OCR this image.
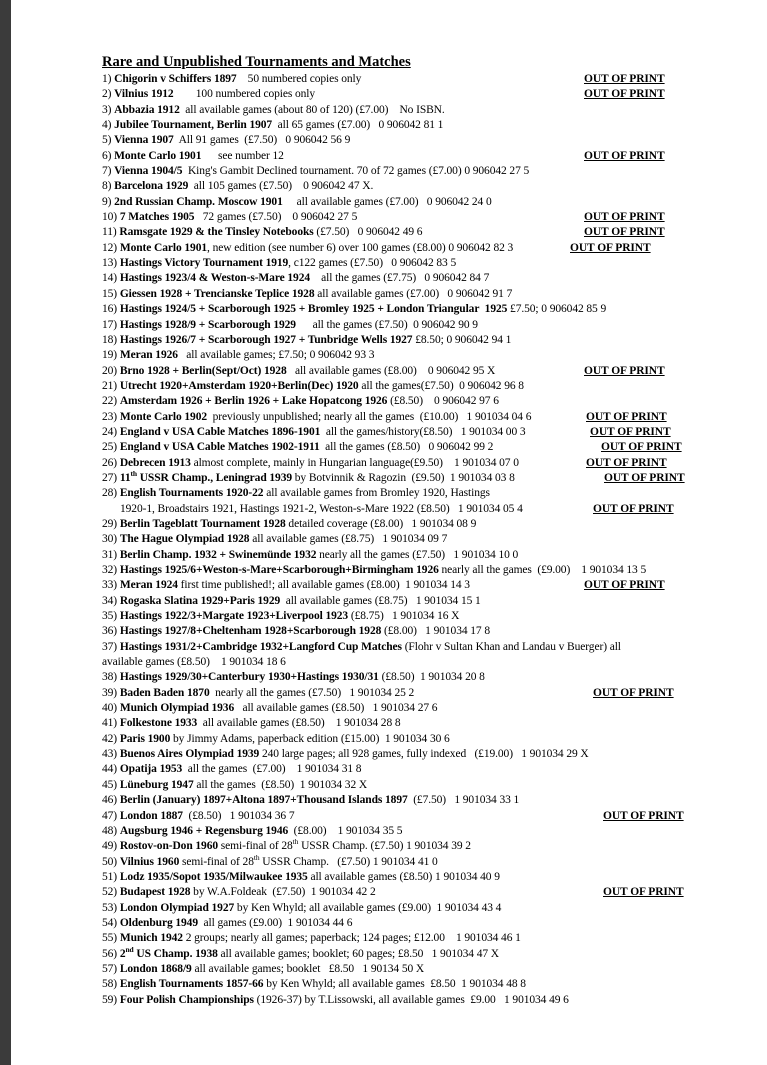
Rare and Unpublished Tournaments and Matches
1) Chigorin v Schiffers 1897    50 numbered copies only	OUT OF PRINT
2) Vilnius 1912        100 numbered copies only	OUT OF PRINT
3) Abbazia 1912  all available games (about 80 of 120) (£7.00)    No ISBN.
4) Jubilee Tournament, Berlin 1907  all 65 games (£7.00)   0 906042 81 1
5) Vienna 1907  All 91 games  (£7.50)   0 906042 56 9
6) Monte Carlo 1901      see number 12	OUT OF PRINT
7) Vienna 1904/5  King's Gambit Declined tournament. 70 of 72 games (£7.00) 0 906042 27 5
8) Barcelona 1929  all 105 games (£7.50)    0 906042 47 X.
9) 2nd Russian Champ. Moscow 1901     all available games (£7.00)   0 906042 24 0
10) 7 Matches 1905   72 games (£7.50)    0 906042 27 5	OUT OF PRINT
11) Ramsgate 1929 & the Tinsley Notebooks (£7.50)   0 906042 49 6	OUT OF PRINT
12) Monte Carlo 1901, new edition (see number 6) over 100 games (£8.00) 0 906042 82 3	OUT OF PRINT
13) Hastings Victory Tournament 1919, c122 games (£7.50)   0 906042 83 5
14) Hastings 1923/4 & Weston-s-Mare 1924    all the games (£7.75)   0 906042 84 7
15) Giessen 1928 + Trencianske Teplice 1928 all available games (£7.00)   0 906042 91 7
16) Hastings 1924/5 + Scarborough 1925 + Bromley 1925 + London Triangular  1925 £7.50; 0 906042 85 9
17) Hastings 1928/9 + Scarborough 1929      all the games (£7.50)  0 906042 90 9
18) Hastings 1926/7 + Scarborough 1927 + Tunbridge Wells 1927 £8.50; 0 906042 94 1
19) Meran 1926   all available games; £7.50; 0 906042 93 3
20) Brno 1928 + Berlin(Sept/Oct) 1928   all available games (£8.00)    0 906042 95 X	OUT OF PRINT
21) Utrecht 1920+Amsterdam 1920+Berlin(Dec) 1920 all the games(£7.50)  0 906042 96 8
22) Amsterdam 1926 + Berlin 1926 + Lake Hopatcong 1926 (£8.50)    0 906042 97 6
23) Monte Carlo 1902  previously unpublished; nearly all the games  (£10.00)   1 901034 04 6	OUT OF PRINT
24) England v USA Cable Matches 1896-1901  all the games/history(£8.50)   1 901034 00 3	OUT OF PRINT
25) England v USA Cable Matches 1902-1911  all the games (£8.50)   0 906042 99 2	OUT OF PRINT
26) Debrecen 1913 almost complete, mainly in Hungarian language(£9.50)    1 901034 07 0	OUT OF PRINT
27) 11th USSR Champ., Leningrad 1939 by Botvinnik & Ragozin  (£9.50)  1 901034 03 8	OUT OF PRINT
28) English Tournaments 1920-22 all available games from Bromley 1920, Hastings
1920-1, Broadstairs 1921, Hastings 1921-2, Weston-s-Mare 1922 (£8.50)   1 901034 05 4	OUT OF PRINT
29) Berlin Tageblatt Tournament 1928 detailed coverage (£8.00)   1 901034 08 9
30) The Hague Olympiad 1928 all available games (£8.75)   1 901034 09 7
31) Berlin Champ. 1932 + Swinemünde 1932 nearly all the games (£7.50)   1 901034 10 0
32) Hastings 1925/6+Weston-s-Mare+Scarborough+Birmingham 1926 nearly all the games  (£9.00)    1 901034 13 5
33) Meran 1924 first time published!; all available games (£8.00)  1 901034 14 3	OUT OF PRINT
34) Rogaska Slatina 1929+Paris 1929  all available games (£8.75)   1 901034 15 1
35) Hastings 1922/3+Margate 1923+Liverpool 1923 (£8.75)   1 901034 16 X
36) Hastings 1927/8+Cheltenham 1928+Scarborough 1928 (£8.00)   1 901034 17 8
37) Hastings 1931/2+Cambridge 1932+Langford Cup Matches (Flohr v Sultan Khan and Landau v Buerger) all
available games (£8.50)    1 901034 18 6
38) Hastings 1929/30+Canterbury 1930+Hastings 1930/31 (£8.50)  1 901034 20 8
39) Baden Baden 1870  nearly all the games (£7.50)   1 901034 25 2	OUT OF PRINT
40) Munich Olympiad 1936   all available games (£8.50)   1 901034 27 6
41) Folkestone 1933  all available games (£8.50)    1 901034 28 8
42) Paris 1900 by Jimmy Adams, paperback edition (£15.00)  1 901034 30 6
43) Buenos Aires Olympiad 1939 240 large pages; all 928 games, fully indexed   (£19.00)   1 901034 29 X
44) Opatija 1953  all the games  (£7.00)    1 901034 31 8
45) Lüneburg 1947 all the games  (£8.50)  1 901034 32 X
46) Berlin (January) 1897+Altona 1897+Thousand Islands 1897  (£7.50)   1 901034 33 1
47) London 1887  (£8.50)   1 901034 36 7	OUT OF PRINT
48) Augsburg 1946 + Regensburg 1946  (£8.00)    1 901034 35 5
49) Rostov-on-Don 1960 semi-final of 28th USSR Champ. (£7.50) 1 901034 39 2
50) Vilnius 1960 semi-final of 28th USSR Champ.   (£7.50) 1 901034 41 0
51) Lodz 1935/Sopot 1935/Milwaukee 1935 all available games (£8.50) 1 901034 40 9
52) Budapest 1928 by W.A.Foldeak  (£7.50)  1 901034 42 2	OUT OF PRINT
53) London Olympiad 1927 by Ken Whyld; all available games (£9.00)  1 901034 43 4
54) Oldenburg 1949  all games (£9.00)  1 901034 44 6
55) Munich 1942 2 groups; nearly all games; paperback; 124 pages; £12.00    1 901034 46 1
56) 2nd US Champ. 1938 all available games; booklet; 60 pages; £8.50   1 901034 47 X
57) London 1868/9 all available games; booklet   £8.50   1 90134 50 X
58) English Tournaments 1857-66 by Ken Whyld; all available games  £8.50  1 901034 48 8
59) Four Polish Championships (1926-37) by T.Lissowski, all available games  £9.00   1 901034 49 6
